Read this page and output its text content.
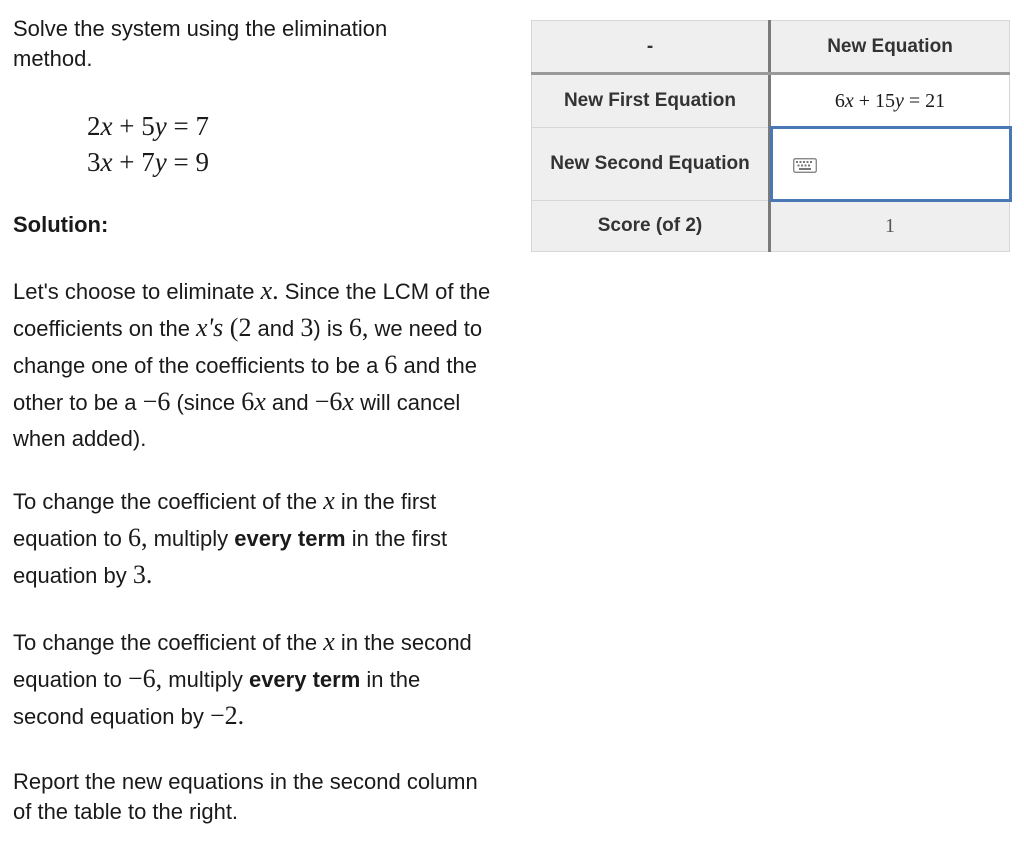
Solve the system using the elimination
method.

2x + 5y = 7
3x + 7y = 9

Solution:

Let's choose to eliminate x. Since the LCM of the coefficients on the x's (2 and 3) is 6, we need to change one of the coefficients to be a 6 and the other to be a −6 (since 6x and −6x will cancel when added).

To change the coefficient of the x in the first equation to 6, multiply every term in the first equation by 3.

To change the coefficient of the x in the second equation to −6, multiply every term in the second equation by −2.

Report the new equations in the second column of the table to the right.

-	New Equation
New First Equation	6x + 15y = 21
New Second Equation	

Score (of 2)	1
